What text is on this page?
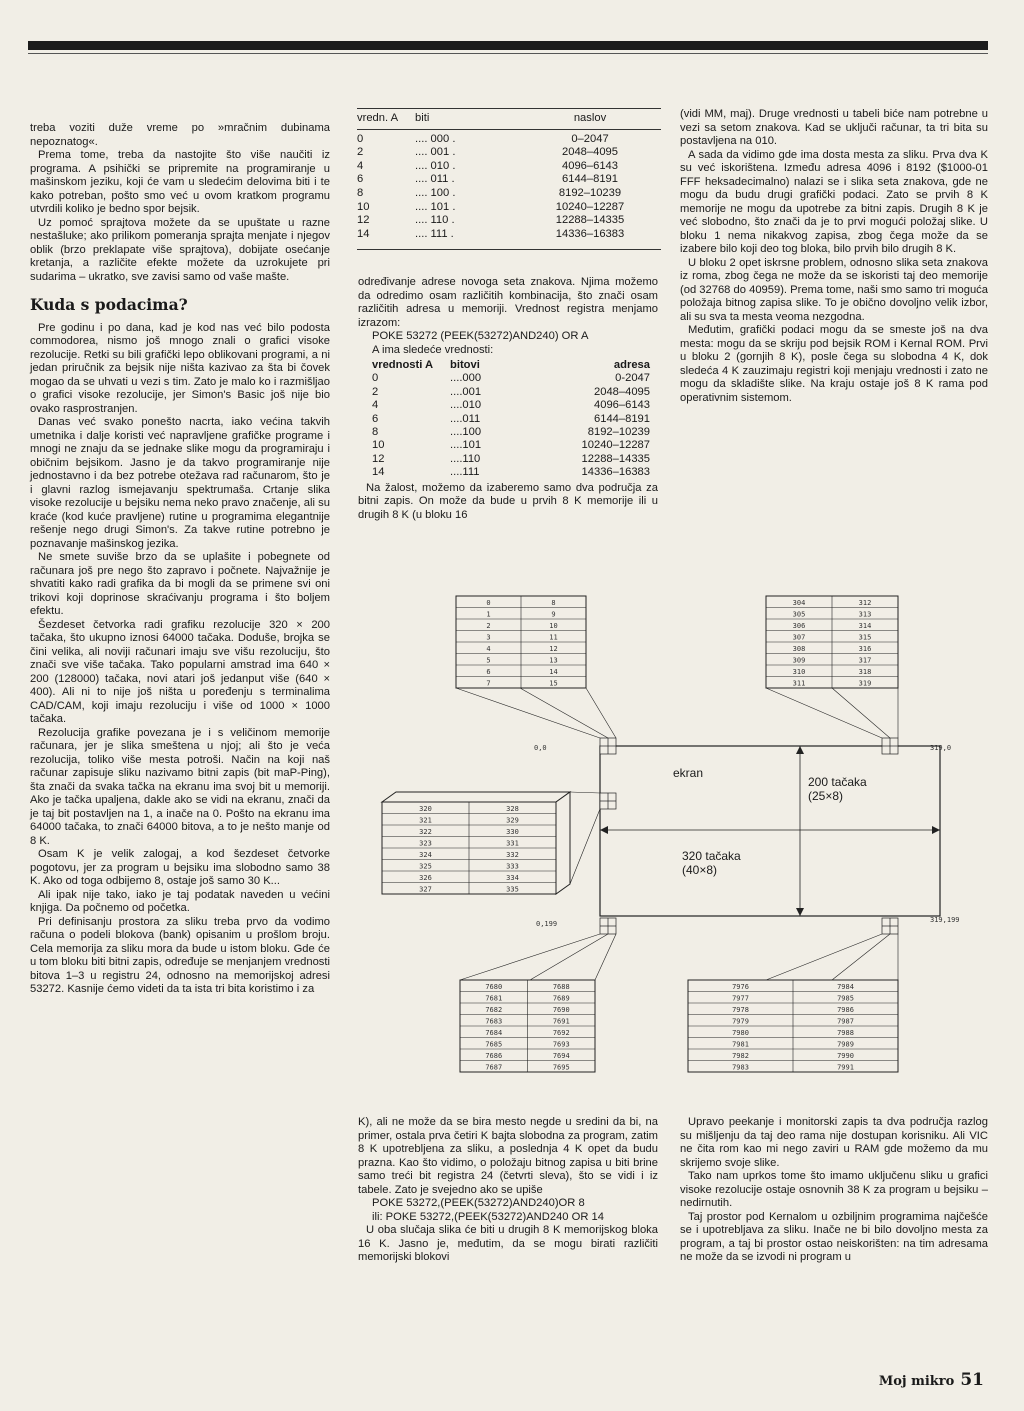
treba voziti duže vreme po »mračnim dubinama nepoznatog«.

Prema tome, treba da nastojite što više naučiti iz programa. A psihički se pripremite na programiranje u mašinskom jeziku, koji će vam u sledećim delovima biti i te kako potreban, pošto smo već u ovom kratkom programu utvrdili koliko je bedno spor bejsik.

Uz pomoć sprajtova možete da se upuštate u razne nestašluke; ako prilikom pomeranja sprajta menjate i njegov oblik (brzo preklapate više sprajtova), dobijate osećanje kretanja, a različite efekte možete da uzrokujete pri sudarima – ukratko, sve zavisi samo od vaše mašte.

Kuda s podacima?

Pre godinu i po dana, kad je kod nas već bilo podosta commodorea, nismo još mnogo znali o grafici visoke rezolucije. Retki su bili grafički lepo oblikovani programi, a ni jedan priručnik za bejsik nije ništa kazivao za šta bi čovek mogao da se uhvati u vezi s tim. Zato je malo ko i razmišljao o grafici visoke rezolucije, jer Simon's Basic još nije bio ovako rasprostranjen.

Danas već svako ponešto nacrta, iako većina takvih umetnika i dalje koristi već napravljene grafičke programe i mnogi ne znaju da se jednake slike mogu da programiraju i običnim bejsikom. Jasno je da takvo programiranje nije jednostavno i da bez potrebe otežava rad računarom, što je i glavni razlog ismejavanju spektrumaša. Crtanje slika visoke rezolucije u bejsiku nema neko pravo značenje, ali su kraće (kod kuće pravljene) rutine u programima elegantnije rešenje nego drugi Simon's. Za takve rutine potrebno je poznavanje mašinskog jezika.

Ne smete suviše brzo da se uplašite i pobegnete od računara još pre nego što zapravo i počnete. Najvažnije je shvatiti kako radi grafika da bi mogli da se primene svi oni trikovi koji doprinose skraćivanju programa i što boljem efektu.

Šezdeset četvorka radi grafiku rezolucije 320 × 200 tačaka, što ukupno iznosi 64000 tačaka. Doduše, brojka se čini velika, ali noviji računari imaju sve višu rezoluciju, što znači sve više tačaka. Tako popularni amstrad ima 640 × 200 (128000) tačaka, novi atari još jedanput više (640 × 400). Ali ni to nije još ništa u poređenju s terminalima CAD/CAM, koji imaju rezoluciju i više od 1000 × 1000 tačaka.

Rezolucija grafike povezana je i s veličinom memorije računara, jer je slika smeštena u njoj; ali što je veća rezolucija, toliko više mesta potroši. Način na koji naš računar zapisuje sliku nazivamo bitni zapis (bit maP-Ping), šta znači da svaka tačka na ekranu ima svoj bit u memoriji. Ako je tačka upaljena, dakle ako se vidi na ekranu, znači da je taj bit postavljen na 1, a inače na 0. Pošto na ekranu ima 64000 tačaka, to znači 64000 bitova, a to je nešto manje od 8 K.

Osam K je velik zalogaj, a kod šezdeset četvorke pogotovu, jer za program u bejsiku ima slobodno samo 38 K. Ako od toga odbijemo 8, ostaje još samo 30 K...

Ali ipak nije tako, iako je taj podatak naveden u većini knjiga. Da počnemo od početka.

Pri definisanju prostora za sliku treba prvo da vodimo računa o podeli blokova (bank) opisanim u prošlom broju. Cela memorija za sliku mora da bude u istom bloku. Gde će u tom bloku biti bitni zapis, određuje se menjanjem vrednosti bitova 1–3 u registru 24, odnosno na memorijskoj adresi 53272. Kasnije ćemo videti da ta ista tri bita koristimo i za

vredn. A	biti	naslov
0	.... 000 .	0–2047
2	.... 001 .	2048–4095
4	.... 010 .	4096–6143
6	.... 011 .	6144–8191
8	.... 100 .	8192–10239
10	.... 101 .	10240–12287
12	.... 110 .	12288–14335
14	.... 111 .	14336–16383

određivanje adrese novoga seta znakova. Njima možemo da odredimo osam različitih kombinacija, što znači osam različitih adresa u memoriji. Vrednost registra menjamo izrazom:

POKE 53272 (PEEK(53272)AND240) OR A

A ima sledeće vrednosti:

vrednosti A	bitovi	adresa
0	....000	0-2047
2	....001	2048–4095
4	....010	4096–6143
6	....011	6144–8191
8	....100	8192–10239
10	....101	10240–12287
12	....110	12288–14335
14	....111	14336–16383

Na žalost, možemo da izaberemo samo dva područja za bitni zapis. On može da bude u prvih 8 K memorije ili u drugih 8 K (u bloku 16

(vidi MM, maj). Druge vrednosti u tabeli biće nam potrebne u vezi sa setom znakova. Kad se uključi računar, ta tri bita su postavljena na 010.

A sada da vidimo gde ima dosta mesta za sliku. Prva dva K su već iskorištena. Između adresa 4096 i 8192 ($1000-01 FFF heksadecimalno) nalazi se i slika seta znakova, gde ne mogu da budu drugi grafički podaci. Zato se prvih 8 K memorije ne mogu da upotrebe za bitni zapis. Drugih 8 K je već slobodno, što znači da je to prvi mogući položaj slike. U bloku 1 nema nikakvog zapisa, zbog čega može da se izabere bilo koji deo tog bloka, bilo prvih bilo drugih 8 K.

U bloku 2 opet iskrsne problem, odnosno slika seta znakova iz roma, zbog čega ne može da se iskoristi taj deo memorije (od 32768 do 40959). Prema tome, naši smo samo tri moguća položaja bitnog zapisa slike. To je obično dovoljno velik izbor, ali su sva ta mesta veoma nezgodna.

Međutim, grafički podaci mogu da se smeste još na dva mesta: mogu da se skriju pod bejsik ROM i Kernal ROM. Prvi u bloku 2 (gornjih 8 K), posle čega su slobodna 4 K, dok sledeća 4 K zauzimaju registri koji menjaju vrednosti i zato ne mogu da skladište slike. Na kraju ostaje još 8 K rama pod operativnim sistemom.

0	8
1	9
2	10
3	11
4	12
5	13
6	14
7	15
304	312
305	313
306	314
307	315
308	316
309	317
310	318
311	319
320	328
321	329
322	330
323	331
324	332
325	333
326	334
327	335
7680	7688
7681	7689
7682	7690
7683	7691
7684	7692
7685	7693
7686	7694
7687	7695
7976	7984
7977	7985
7978	7986
7979	7987
7980	7988
7981	7989
7982	7990
7983	7991
ekran
200 tačaka
(25×8)
320 tačaka
(40×8)
0,0	319,0
0,199	319,199

K), ali ne može da se bira mesto negde u sredini da bi, na primer, ostala prva četiri K bajta slobodna za program, zatim 8 K upotrebljena za sliku, a poslednja 4 K opet da budu prazna. Kao što vidimo, o položaju bitnog zapisa u biti brine samo treći bit registra 24 (četvrti sleva), što se vidi i iz tabele. Zato je svejedno ako se upiše

POKE 53272,(PEEK(53272)AND240)OR 8

ili: POKE 53272,(PEEK(53272)AND240 OR 14

U oba slučaja slika će biti u drugih 8 K memorijskog bloka 16 K. Jasno je, međutim, da se mogu birati različiti memorijski blokovi

Upravo peekanje i monitorski zapis ta dva područja razlog su mišljenju da taj deo rama nije dostupan korisniku. Ali VIC ne čita rom kao mi nego zaviri u RAM gde možemo da mu skrijemo svoje slike.

Tako nam uprkos tome što imamo uključenu sliku u grafici visoke rezolucije ostaje osnovnih 38 K za program u bejsiku – nedirnutih.

Taj prostor pod Kernalom u ozbiljnim programima najčešće se i upotrebljava za sliku. Inače ne bi bilo dovoljno mesta za program, a taj bi prostor ostao neiskorišten: na tim adresama ne može da se izvodi ni program u

Moj mikro 51
